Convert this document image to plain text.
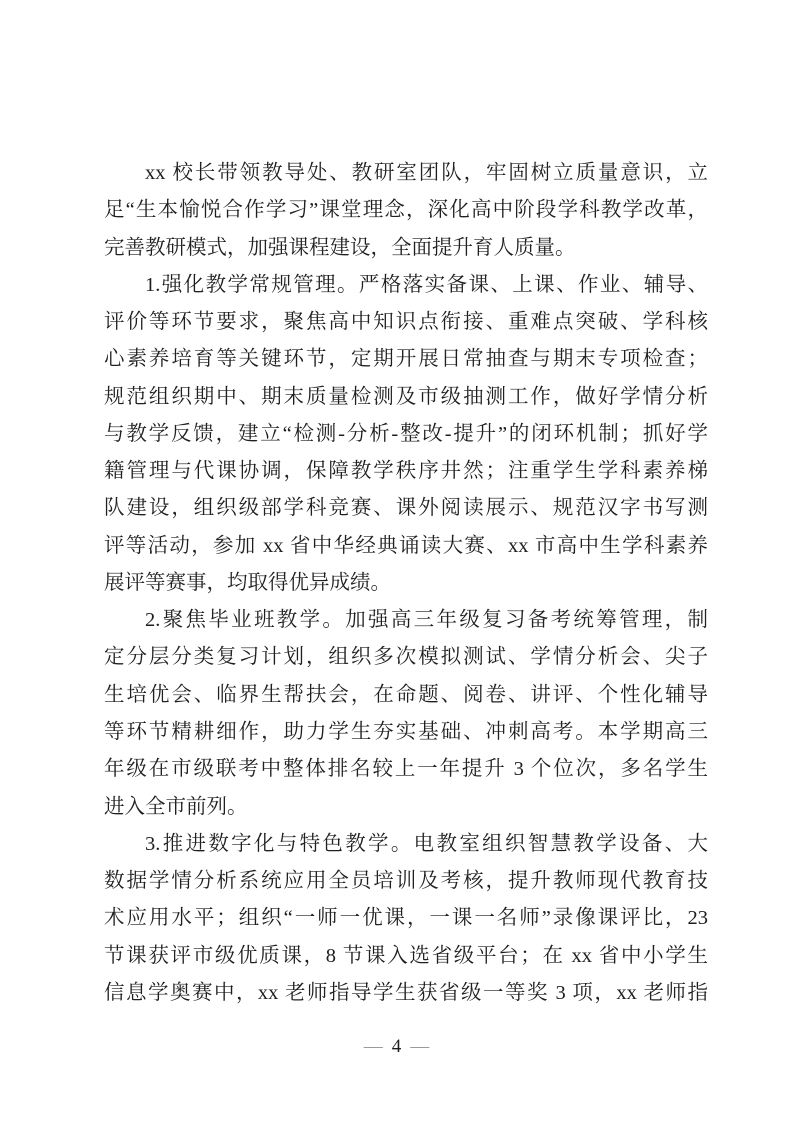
xx 校长带领教导处、教研室团队，牢固树立质量意识，立
足“生本愉悦合作学习”课堂理念，深化高中阶段学科教学改革，
完善教研模式，加强课程建设，全面提升育人质量。
1.强化教学常规管理。严格落实备课、上课、作业、辅导、
评价等环节要求，聚焦高中知识点衔接、重难点突破、学科核
心素养培育等关键环节，定期开展日常抽查与期末专项检查；
规范组织期中、期末质量检测及市级抽测工作，做好学情分析
与教学反馈，建立“检测-分析-整改-提升”的闭环机制；抓好学
籍管理与代课协调，保障教学秩序井然；注重学生学科素养梯
队建设，组织级部学科竞赛、课外阅读展示、规范汉字书写测
评等活动，参加 xx 省中华经典诵读大赛、xx 市高中生学科素养
展评等赛事，均取得优异成绩。
2.聚焦毕业班教学。加强高三年级复习备考统筹管理，制
定分层分类复习计划，组织多次模拟测试、学情分析会、尖子
生培优会、临界生帮扶会，在命题、阅卷、讲评、个性化辅导
等环节精耕细作，助力学生夯实基础、冲刺高考。本学期高三
年级在市级联考中整体排名较上一年提升 3 个位次，多名学生
进入全市前列。
3.推进数字化与特色教学。电教室组织智慧教学设备、大
数据学情分析系统应用全员培训及考核，提升教师现代教育技
术应用水平；组织“一师一优课，一课一名师”录像课评比，23
节课获评市级优质课，8 节课入选省级平台；在 xx 省中小学生
信息学奥赛中，xx 老师指导学生获省级一等奖 3 项，xx 老师指
— 4 —
